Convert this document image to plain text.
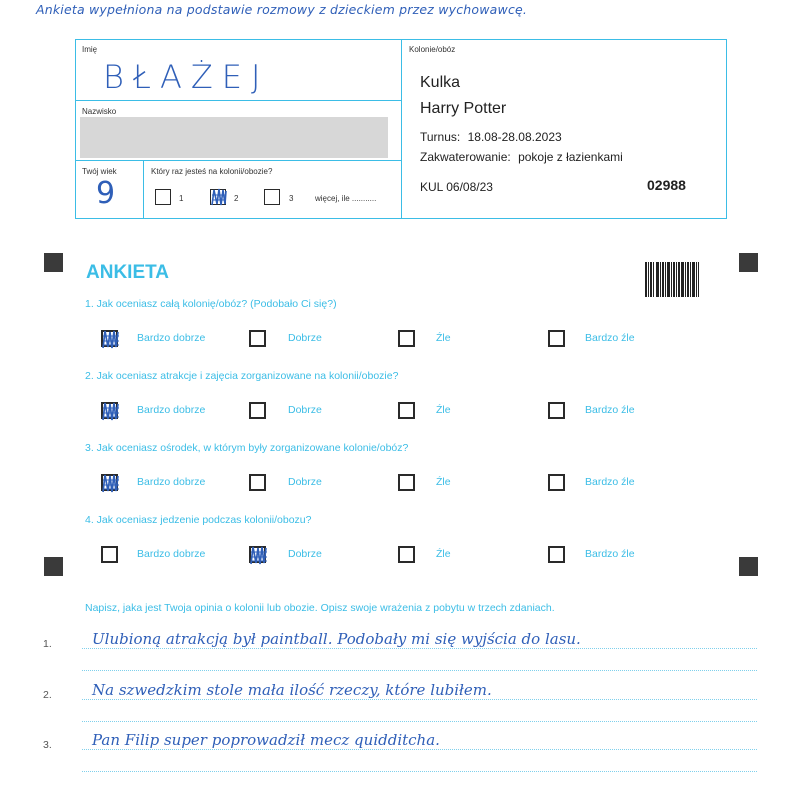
Ankieta wypełniona na podstawie rozmowy z dzieckiem przez wychowawcę.
Imię
BŁAŻEJ
Nazwisko
Twój wiek
9
Który raz jesteś na kolonii/obozie?
1	2	3	więcej, ile ...........
Kolonie/obóz
Kulka
Harry Potter
Turnus: 18.08-28.08.2023
Zakwaterowanie: pokoje z łazienkami
KUL 06/08/23	02988
ANKIETA
1. Jak oceniasz całą kolonię/obóz? (Podobało Ci się?)
Bardzo dobrze	Dobrze	Źle	Bardzo źle
2. Jak oceniasz atrakcje i zajęcia zorganizowane na kolonii/obozie?
Bardzo dobrze	Dobrze	Źle	Bardzo źle
3. Jak oceniasz ośrodek, w którym były zorganizowane kolonie/obóz?
Bardzo dobrze	Dobrze	Źle	Bardzo źle
4. Jak oceniasz jedzenie podczas kolonii/obozu?
Bardzo dobrze	Dobrze	Źle	Bardzo źle
Napisz, jaka jest Twoja opinia o kolonii lub obozie. Opisz swoje wrażenia z pobytu w trzech zdaniach.
1.	Ulubioną atrakcją był paintball. Podobały mi się wyjścia do lasu.
2.	Na szwedzkim stole mała ilość rzeczy, które lubiłem.
3.	Pan Filip super poprowadził mecz quidditcha.
